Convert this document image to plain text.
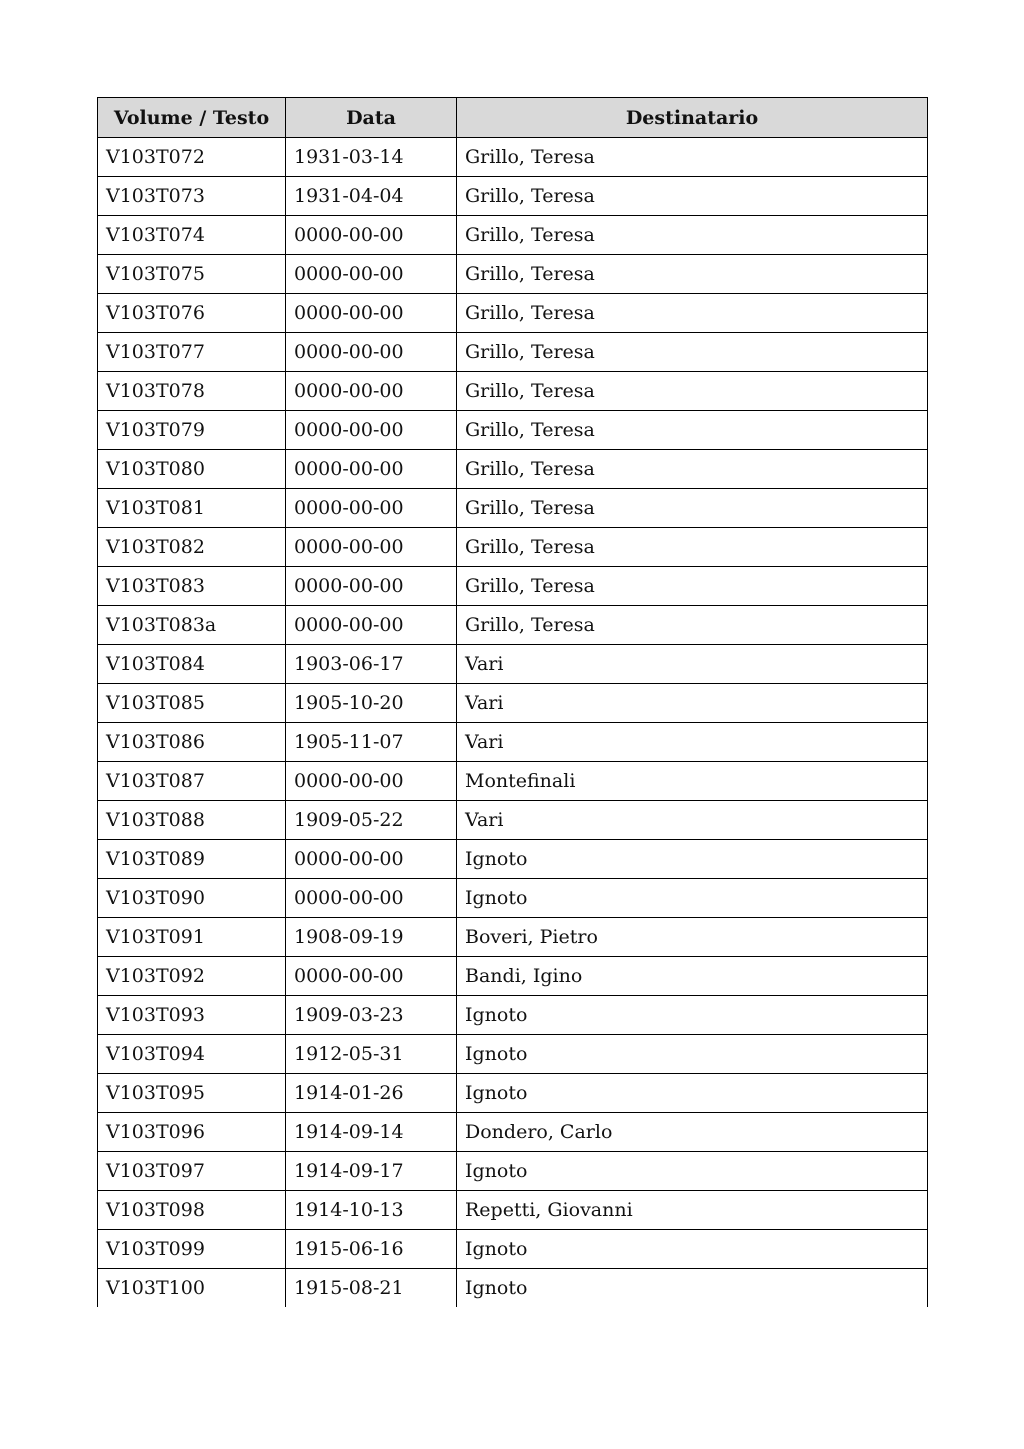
Volume / Testo	Data	Destinatario
V103T072	1931-03-14	Grillo, Teresa
V103T073	1931-04-04	Grillo, Teresa
V103T074	0000-00-00	Grillo, Teresa
V103T075	0000-00-00	Grillo, Teresa
V103T076	0000-00-00	Grillo, Teresa
V103T077	0000-00-00	Grillo, Teresa
V103T078	0000-00-00	Grillo, Teresa
V103T079	0000-00-00	Grillo, Teresa
V103T080	0000-00-00	Grillo, Teresa
V103T081	0000-00-00	Grillo, Teresa
V103T082	0000-00-00	Grillo, Teresa
V103T083	0000-00-00	Grillo, Teresa
V103T083a	0000-00-00	Grillo, Teresa
V103T084	1903-06-17	Vari
V103T085	1905-10-20	Vari
V103T086	1905-11-07	Vari
V103T087	0000-00-00	Montefinali
V103T088	1909-05-22	Vari
V103T089	0000-00-00	Ignoto
V103T090	0000-00-00	Ignoto
V103T091	1908-09-19	Boveri, Pietro
V103T092	0000-00-00	Bandi, Igino
V103T093	1909-03-23	Ignoto
V103T094	1912-05-31	Ignoto
V103T095	1914-01-26	Ignoto
V103T096	1914-09-14	Dondero, Carlo
V103T097	1914-09-17	Ignoto
V103T098	1914-10-13	Repetti, Giovanni
V103T099	1915-06-16	Ignoto
V103T100	1915-08-21	Ignoto
